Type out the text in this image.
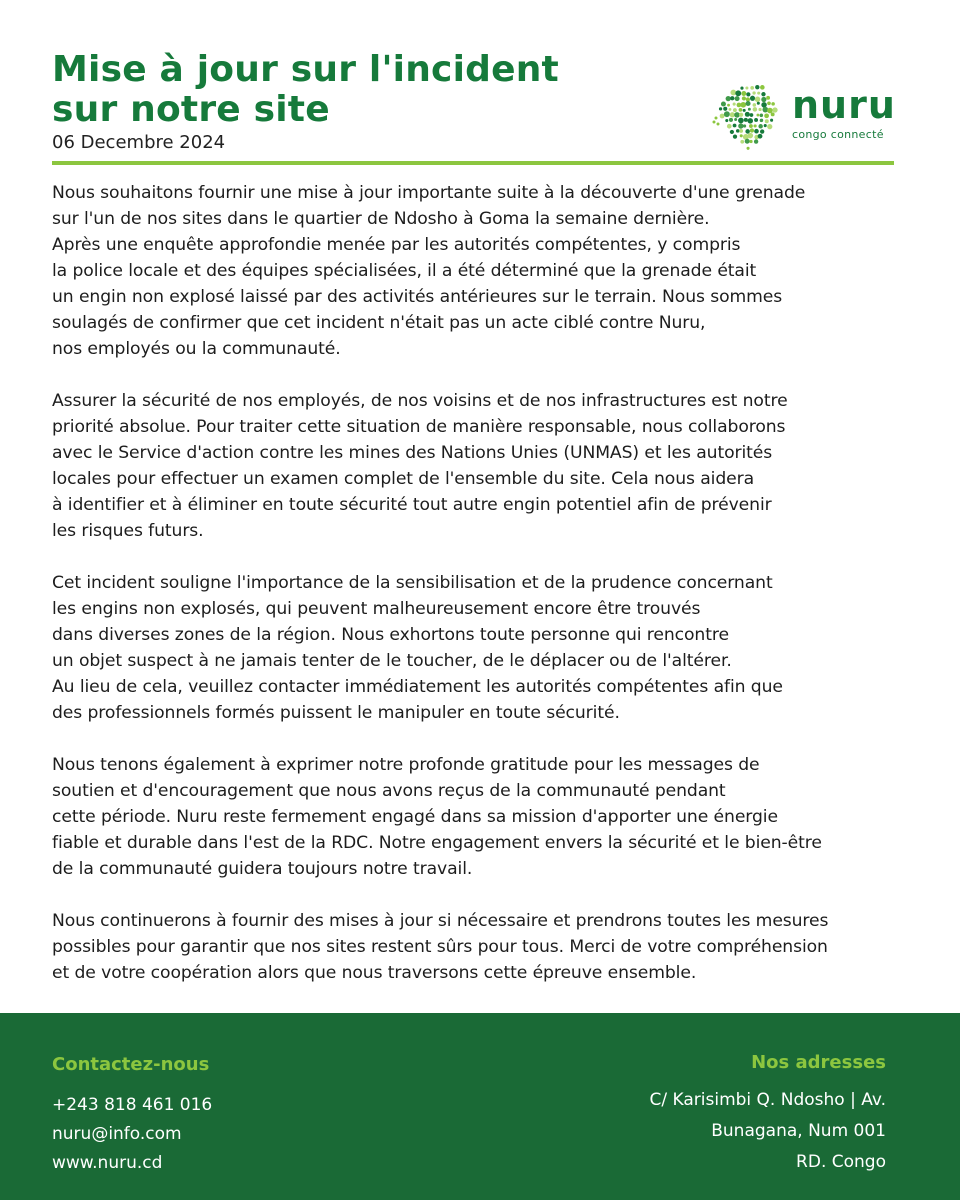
Mise à jour sur l'incident
sur notre site
06 Decembre 2024
nuru
congo connecté

Nous souhaitons fournir une mise à jour importante suite à la découverte d'une grenade
sur l'un de nos sites dans le quartier de Ndosho à Goma la semaine dernière.
Après une enquête approfondie menée par les autorités compétentes, y compris
la police locale et des équipes spécialisées, il a été déterminé que la grenade était
un engin non explosé laissé par des activités antérieures sur le terrain. Nous sommes
soulagés de confirmer que cet incident n'était pas un acte ciblé contre Nuru,
nos employés ou la communauté.

Assurer la sécurité de nos employés, de nos voisins et de nos infrastructures est notre
priorité absolue. Pour traiter cette situation de manière responsable, nous collaborons
avec le Service d'action contre les mines des Nations Unies (UNMAS) et les autorités
locales pour effectuer un examen complet de l'ensemble du site. Cela nous aidera
à identifier et à éliminer en toute sécurité tout autre engin potentiel afin de prévenir
les risques futurs.

Cet incident souligne l'importance de la sensibilisation et de la prudence concernant
les engins non explosés, qui peuvent malheureusement encore être trouvés
dans diverses zones de la région. Nous exhortons toute personne qui rencontre
un objet suspect à ne jamais tenter de le toucher, de le déplacer ou de l'altérer.
Au lieu de cela, veuillez contacter immédiatement les autorités compétentes afin que
des professionnels formés puissent le manipuler en toute sécurité.

Nous tenons également à exprimer notre profonde gratitude pour les messages de
soutien et d'encouragement que nous avons reçus de la communauté pendant
cette période. Nuru reste fermement engagé dans sa mission d'apporter une énergie
fiable et durable dans l'est de la RDC. Notre engagement envers la sécurité et le bien-être
de la communauté guidera toujours notre travail.

Nous continuerons à fournir des mises à jour si nécessaire et prendrons toutes les mesures
possibles pour garantir que nos sites restent sûrs pour tous. Merci de votre compréhension
et de votre coopération alors que nous traversons cette épreuve ensemble.

Contactez-nous
+243 818 461 016
nuru@info.com
www.nuru.cd
Nos adresses
C/ Karisimbi Q. Ndosho | Av.
Bunagana, Num 001
RD. Congo
